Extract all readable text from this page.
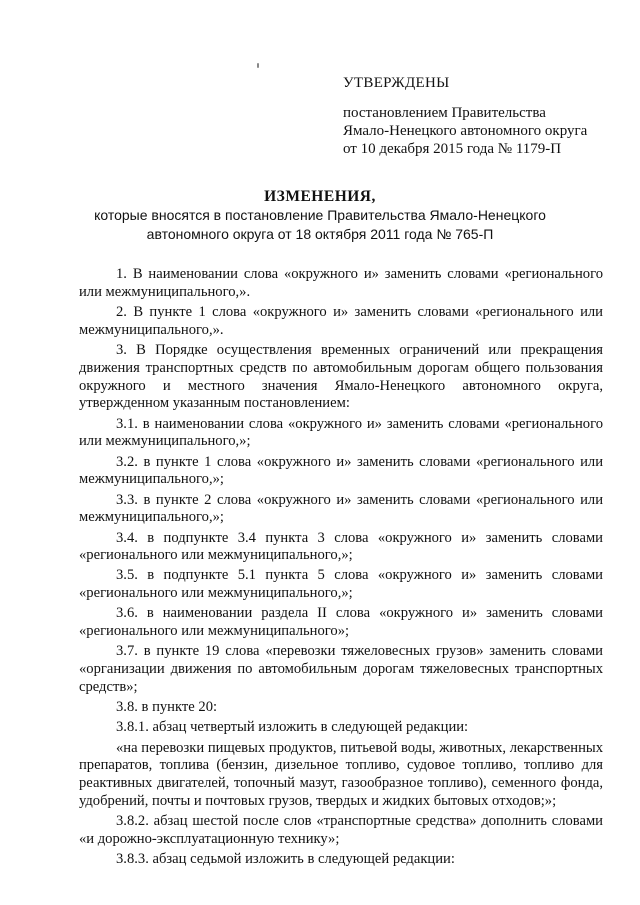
УТВЕРЖДЕНЫ
постановлением Правительства
Ямало-Ненецкого автономного округа
от 10 декабря 2015 года № 1179-П
ИЗМЕНЕНИЯ,
которые вносятся в постановление Правительства Ямало-Ненецкого
автономного округа от 18 октября 2011 года № 765-П

1. В наименовании слова «окружного и» заменить словами «регионального или межмуниципального,».

2. В пункте 1 слова «окружного и» заменить словами «регионального или межмуниципального,».

3. В Порядке осуществления временных ограничений или прекращения движения транспортных средств по автомобильным дорогам общего пользования окружного и местного значения Ямало-Ненецкого автономного округа, утвержденном указанным постановлением:

3.1. в наименовании слова «окружного и» заменить словами «регионального или межмуниципального,»;

3.2. в пункте 1 слова «окружного и» заменить словами «регионального или межмуниципального,»;

3.3. в пункте 2 слова «окружного и» заменить словами «регионального или межмуниципального,»;

3.4. в подпункте 3.4 пункта 3 слова «окружного и» заменить словами «регионального или межмуниципального,»;

3.5. в подпункте 5.1 пункта 5 слова «окружного и» заменить словами «регионального или межмуниципального,»;

3.6. в наименовании раздела II слова «окружного и» заменить словами «регионального или межмуниципального»;

3.7. в пункте 19 слова «перевозки тяжеловесных грузов» заменить словами «организации движения по автомобильным дорогам тяжеловесных транспортных средств»;

3.8. в пункте 20:

3.8.1. абзац четвертый изложить в следующей редакции:

«на перевозки пищевых продуктов, питьевой воды, животных, лекарственных препаратов, топлива (бензин, дизельное топливо, судовое топливо, топливо для реактивных двигателей, топочный мазут, газообразное топливо), семенного фонда, удобрений, почты и почтовых грузов, твердых и жидких бытовых отходов;»;

3.8.2. абзац шестой после слов «транспортные средства» дополнить словами «и дорожно-эксплуатационную технику»;

3.8.3. абзац седьмой изложить в следующей редакции:
